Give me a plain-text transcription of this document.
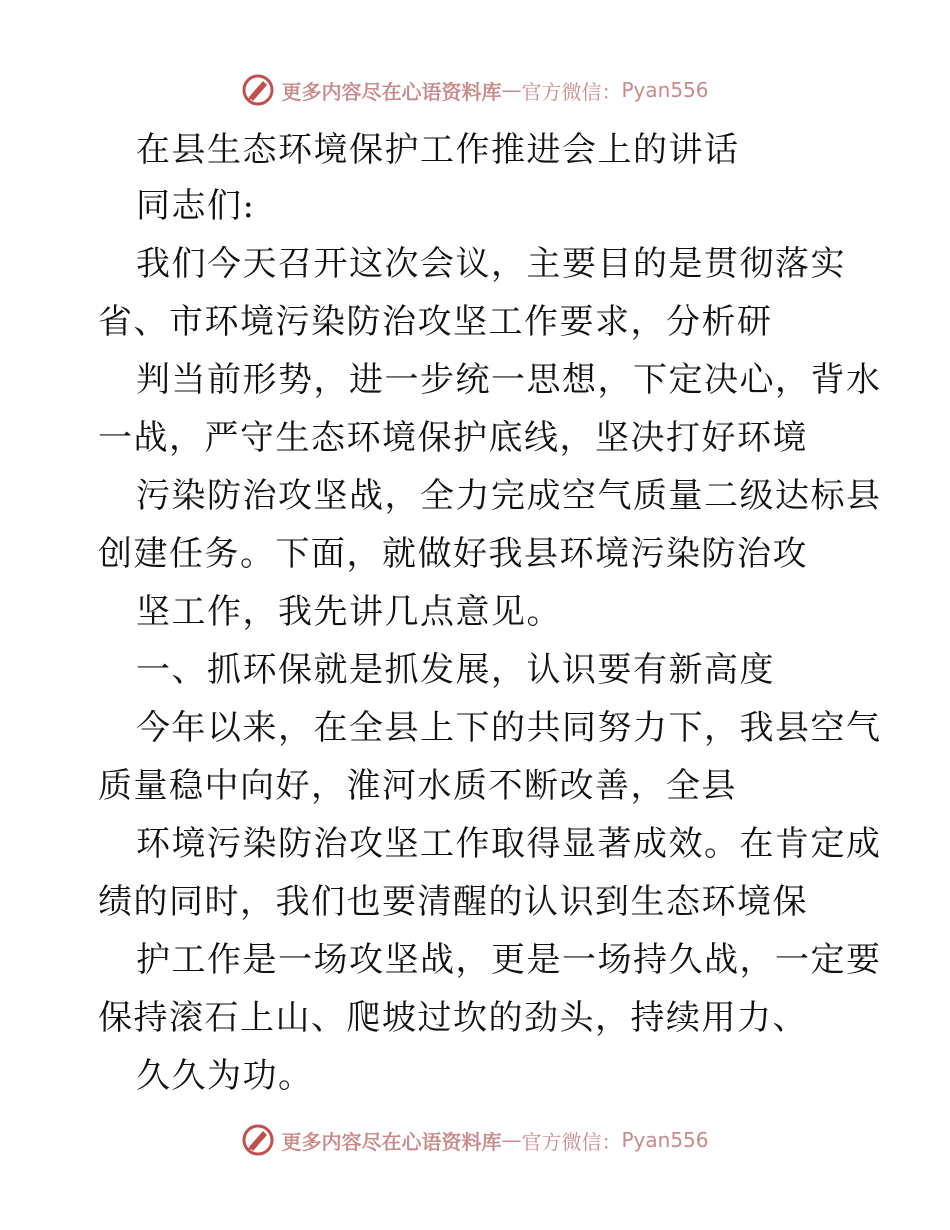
更多内容尽在心语资料库 — 官方微信： Pyan556
在县生态环境保护工作推进会上的讲话
同志们:
我们今天召开这次会议，主要目的是贯彻落实
省、市环境污染防治攻坚工作要求，分析研
判当前形势，进一步统一思想，下定决心，背水
一战，严守生态环境保护底线，坚决打好环境
污染防治攻坚战，全力完成空气质量二级达标县
创建任务。下面，就做好我县环境污染防治攻
坚工作，我先讲几点意见。
一、抓环保就是抓发展，认识要有新高度
今年以来，在全县上下的共同努力下，我县空气
质量稳中向好，淮河水质不断改善，全县
环境污染防治攻坚工作取得显著成效。在肯定成
绩的同时，我们也要清醒的认识到生态环境保
护工作是一场攻坚战，更是一场持久战，一定要
保持滚石上山、爬坡过坎的劲头，持续用力、
久久为功。
更多内容尽在心语资料库 — 官方微信： Pyan556
